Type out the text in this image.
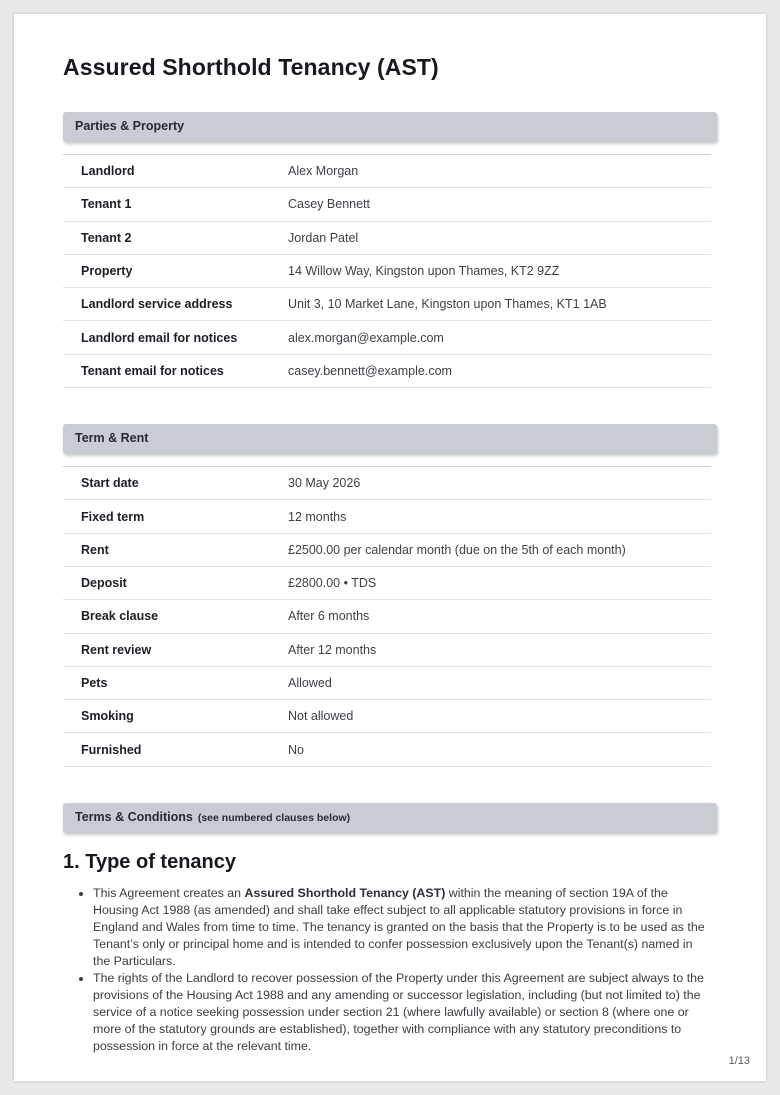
Assured Shorthold Tenancy (AST)
Parties & Property
Landlord	Alex Morgan
Tenant 1	Casey Bennett
Tenant 2	Jordan Patel
Property	14 Willow Way, Kingston upon Thames, KT2 9ZZ
Landlord service address	Unit 3, 10 Market Lane, Kingston upon Thames, KT1 1AB
Landlord email for notices	alex.morgan@example.com
Tenant email for notices	casey.bennett@example.com
Term & Rent
Start date	30 May 2026
Fixed term	12 months
Rent	£2500.00 per calendar month (due on the 5th of each month)
Deposit	£2800.00 • TDS
Break clause	After 6 months
Rent review	After 12 months
Pets	Allowed
Smoking	Not allowed
Furnished	No
Terms & Conditions (see numbered clauses below)
1. Type of tenancy
• This Agreement creates an Assured Shorthold Tenancy (AST) within the meaning of section 19A of the Housing Act 1988 (as amended) and shall take effect subject to all applicable statutory provisions in force in England and Wales from time to time. The tenancy is granted on the basis that the Property is to be used as the Tenant’s only or principal home and is intended to confer possession exclusively upon the Tenant(s) named in the Particulars.
• The rights of the Landlord to recover possession of the Property under this Agreement are subject always to the provisions of the Housing Act 1988 and any amending or successor legislation, including (but not limited to) the service of a notice seeking possession under section 21 (where lawfully available) or section 8 (where one or more of the statutory grounds are established), together with compliance with any statutory preconditions to possession in force at the relevant time.
1/13
